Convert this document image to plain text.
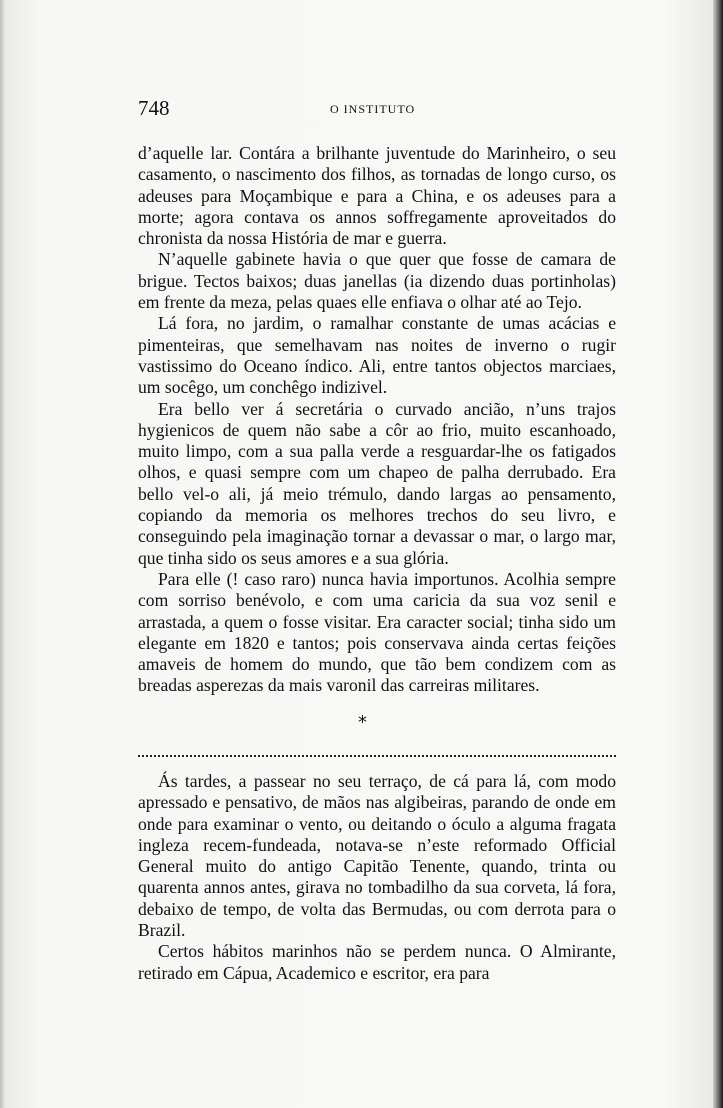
748	O INSTITUTO

d’aquelle lar. Contára a brilhante juventude do Marinheiro, o seu casamento, o nascimento dos filhos, as tornadas de longo curso, os adeuses para Moçambique e para a China, e os adeuses para a morte; agora contava os annos soffregamente aproveitados do chronista da nossa História de mar e guerra.

N’aquelle gabinete havia o que quer que fosse de camara de brigue. Tectos baixos; duas janellas (ia dizendo duas portinholas) em frente da meza, pelas quaes elle enfiava o olhar até ao Tejo.

Lá fora, no jardim, o ramalhar constante de umas acácias e pimenteiras, que semelhavam nas noites de inverno o rugir vastissimo do Oceano índico. Ali, entre tantos objectos marciaes, um socêgo, um conchêgo indizivel.

Era bello ver á secretária o curvado ancião, n’uns trajos hygienicos de quem não sabe a côr ao frio, muito escanhoado, muito limpo, com a sua palla verde a resguardar-lhe os fatigados olhos, e quasi sempre com um chapeo de palha derrubado. Era bello vel-o ali, já meio trémulo, dando largas ao pensamento, copiando da memoria os melhores trechos do seu livro, e conseguindo pela imaginação tornar a devassar o mar, o largo mar, que tinha sido os seus amores e a sua glória.

Para elle (! caso raro) nunca havia importunos. Acolhia sempre com sorriso benévolo, e com uma caricia da sua voz senil e arrastada, a quem o fosse visitar. Era caracter social; tinha sido um elegante em 1820 e tantos; pois conservava ainda certas feições amaveis de homem do mundo, que tão bem condizem com as breadas asperezas da mais varonil das carreiras militares.

*

Ás tardes, a passear no seu terraço, de cá para lá, com modo apressado e pensativo, de mãos nas algibeiras, parando de onde em onde para examinar o vento, ou deitando o óculo a alguma fragata ingleza recem-fundeada, notava-se n’este reformado Official General muito do antigo Capitão Tenente, quando, trinta ou quarenta annos antes, girava no tombadilho da sua corveta, lá fora, debaixo de tempo, de volta das Bermudas, ou com derrota para o Brazil.

Certos hábitos marinhos não se perdem nunca. O Almirante, retirado em Cápua, Academico e escritor, era para
